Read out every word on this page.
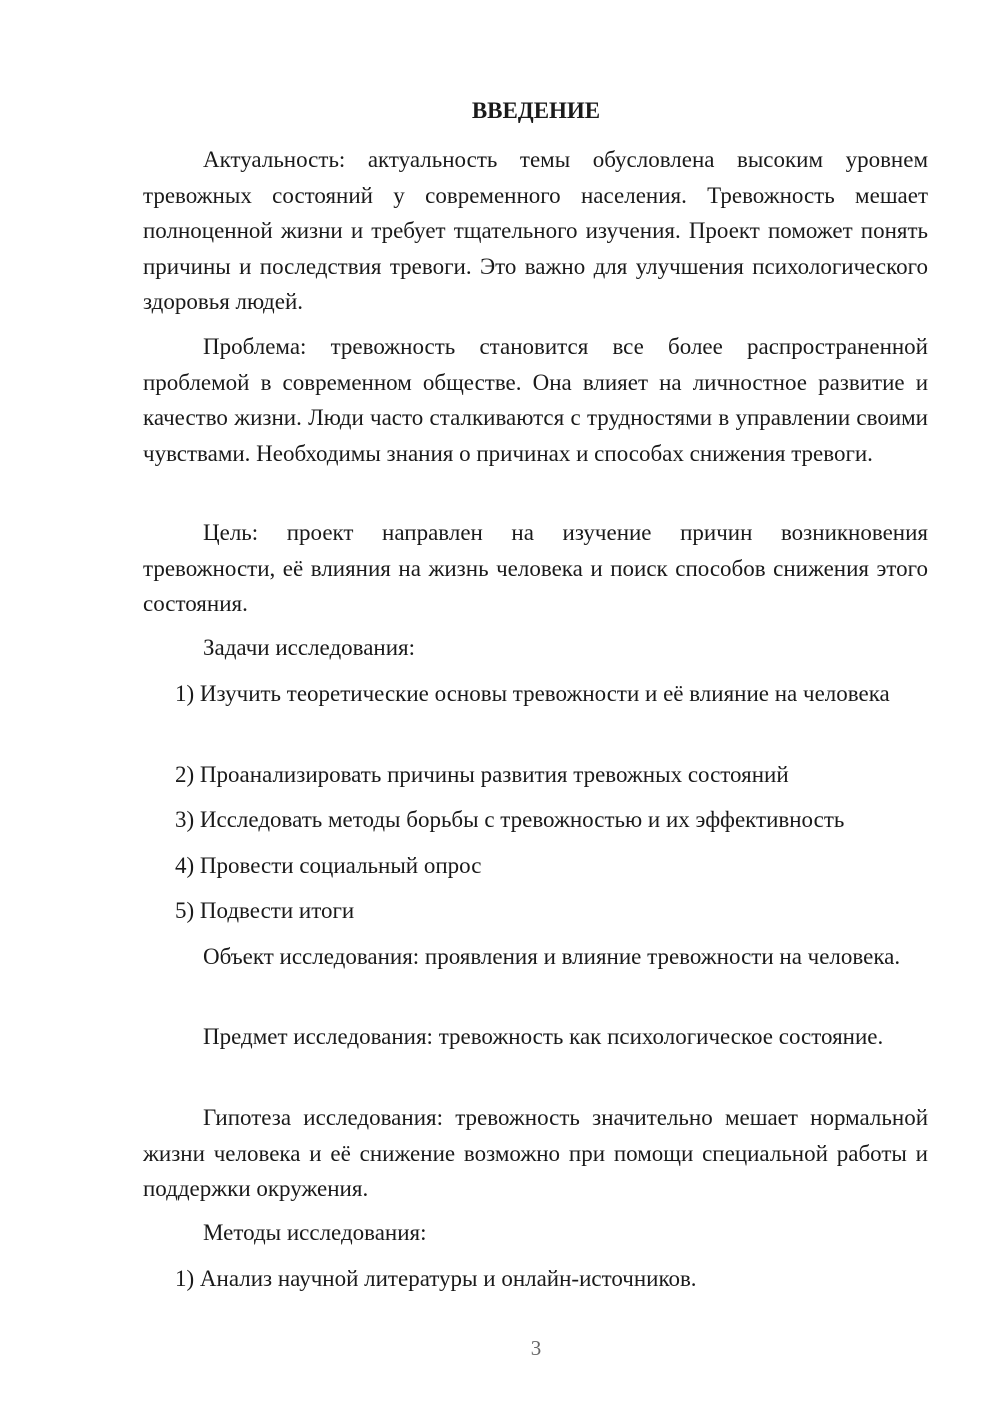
ВВЕДЕНИЕ
Актуальность: актуальность темы обусловлена высоким уровнем тревожных состояний у современного населения. Тревожность мешает полноценной жизни и требует тщательного изучения. Проект поможет понять причины и последствия тревоги. Это важно для улучшения психологического здоровья людей.
Проблема: тревожность становится все более распространенной проблемой в современном обществе. Она влияет на личностное развитие и качество жизни. Люди часто сталкиваются с трудностями в управлении своими чувствами. Необходимы знания о причинах и способах снижения тревоги.
Цель: проект направлен на изучение причин возникновения тревожности, её влияния на жизнь человека и поиск способов снижения этого состояния.
Задачи исследования:
1) Изучить теоретические основы тревожности и её влияние на человека
2) Проанализировать причины развития тревожных состояний
3) Исследовать методы борьбы с тревожностью и их эффективность
4) Провести социальный опрос
5) Подвести итоги
Объект исследования: проявления и влияние тревожности на человека.
Предмет исследования: тревожность как психологическое состояние.
Гипотеза исследования: тревожность значительно мешает нормальной жизни человека и её снижение возможно при помощи специальной работы и поддержки окружения.
Методы исследования:
1) Анализ научной литературы и онлайн-источников.
3
